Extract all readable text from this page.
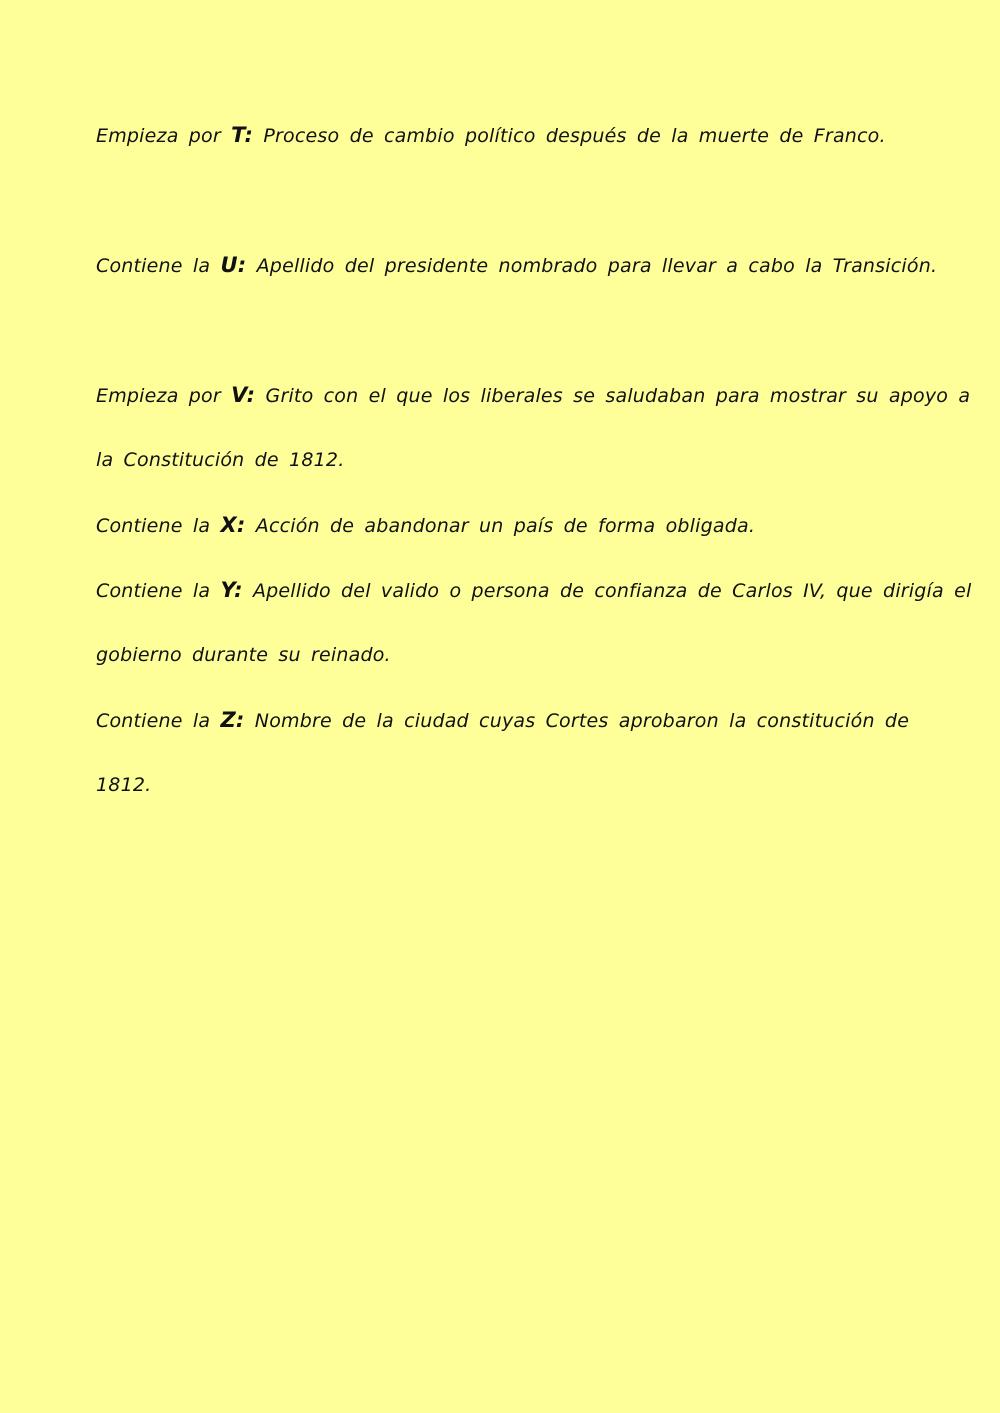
Empieza por T: Proceso de cambio político después de la muerte de Franco.
Contiene la U: Apellido del presidente nombrado para llevar a cabo la Transición.
Empieza por V: Grito con el que los liberales se saludaban para mostrar su apoyo a
la Constitución de 1812.
Contiene la X: Acción de abandonar un país de forma obligada.
Contiene la Y: Apellido del valido o persona de confianza de Carlos IV, que dirigía el
gobierno durante su reinado.
Contiene la Z: Nombre de la ciudad cuyas Cortes aprobaron la constitución de
1812.
